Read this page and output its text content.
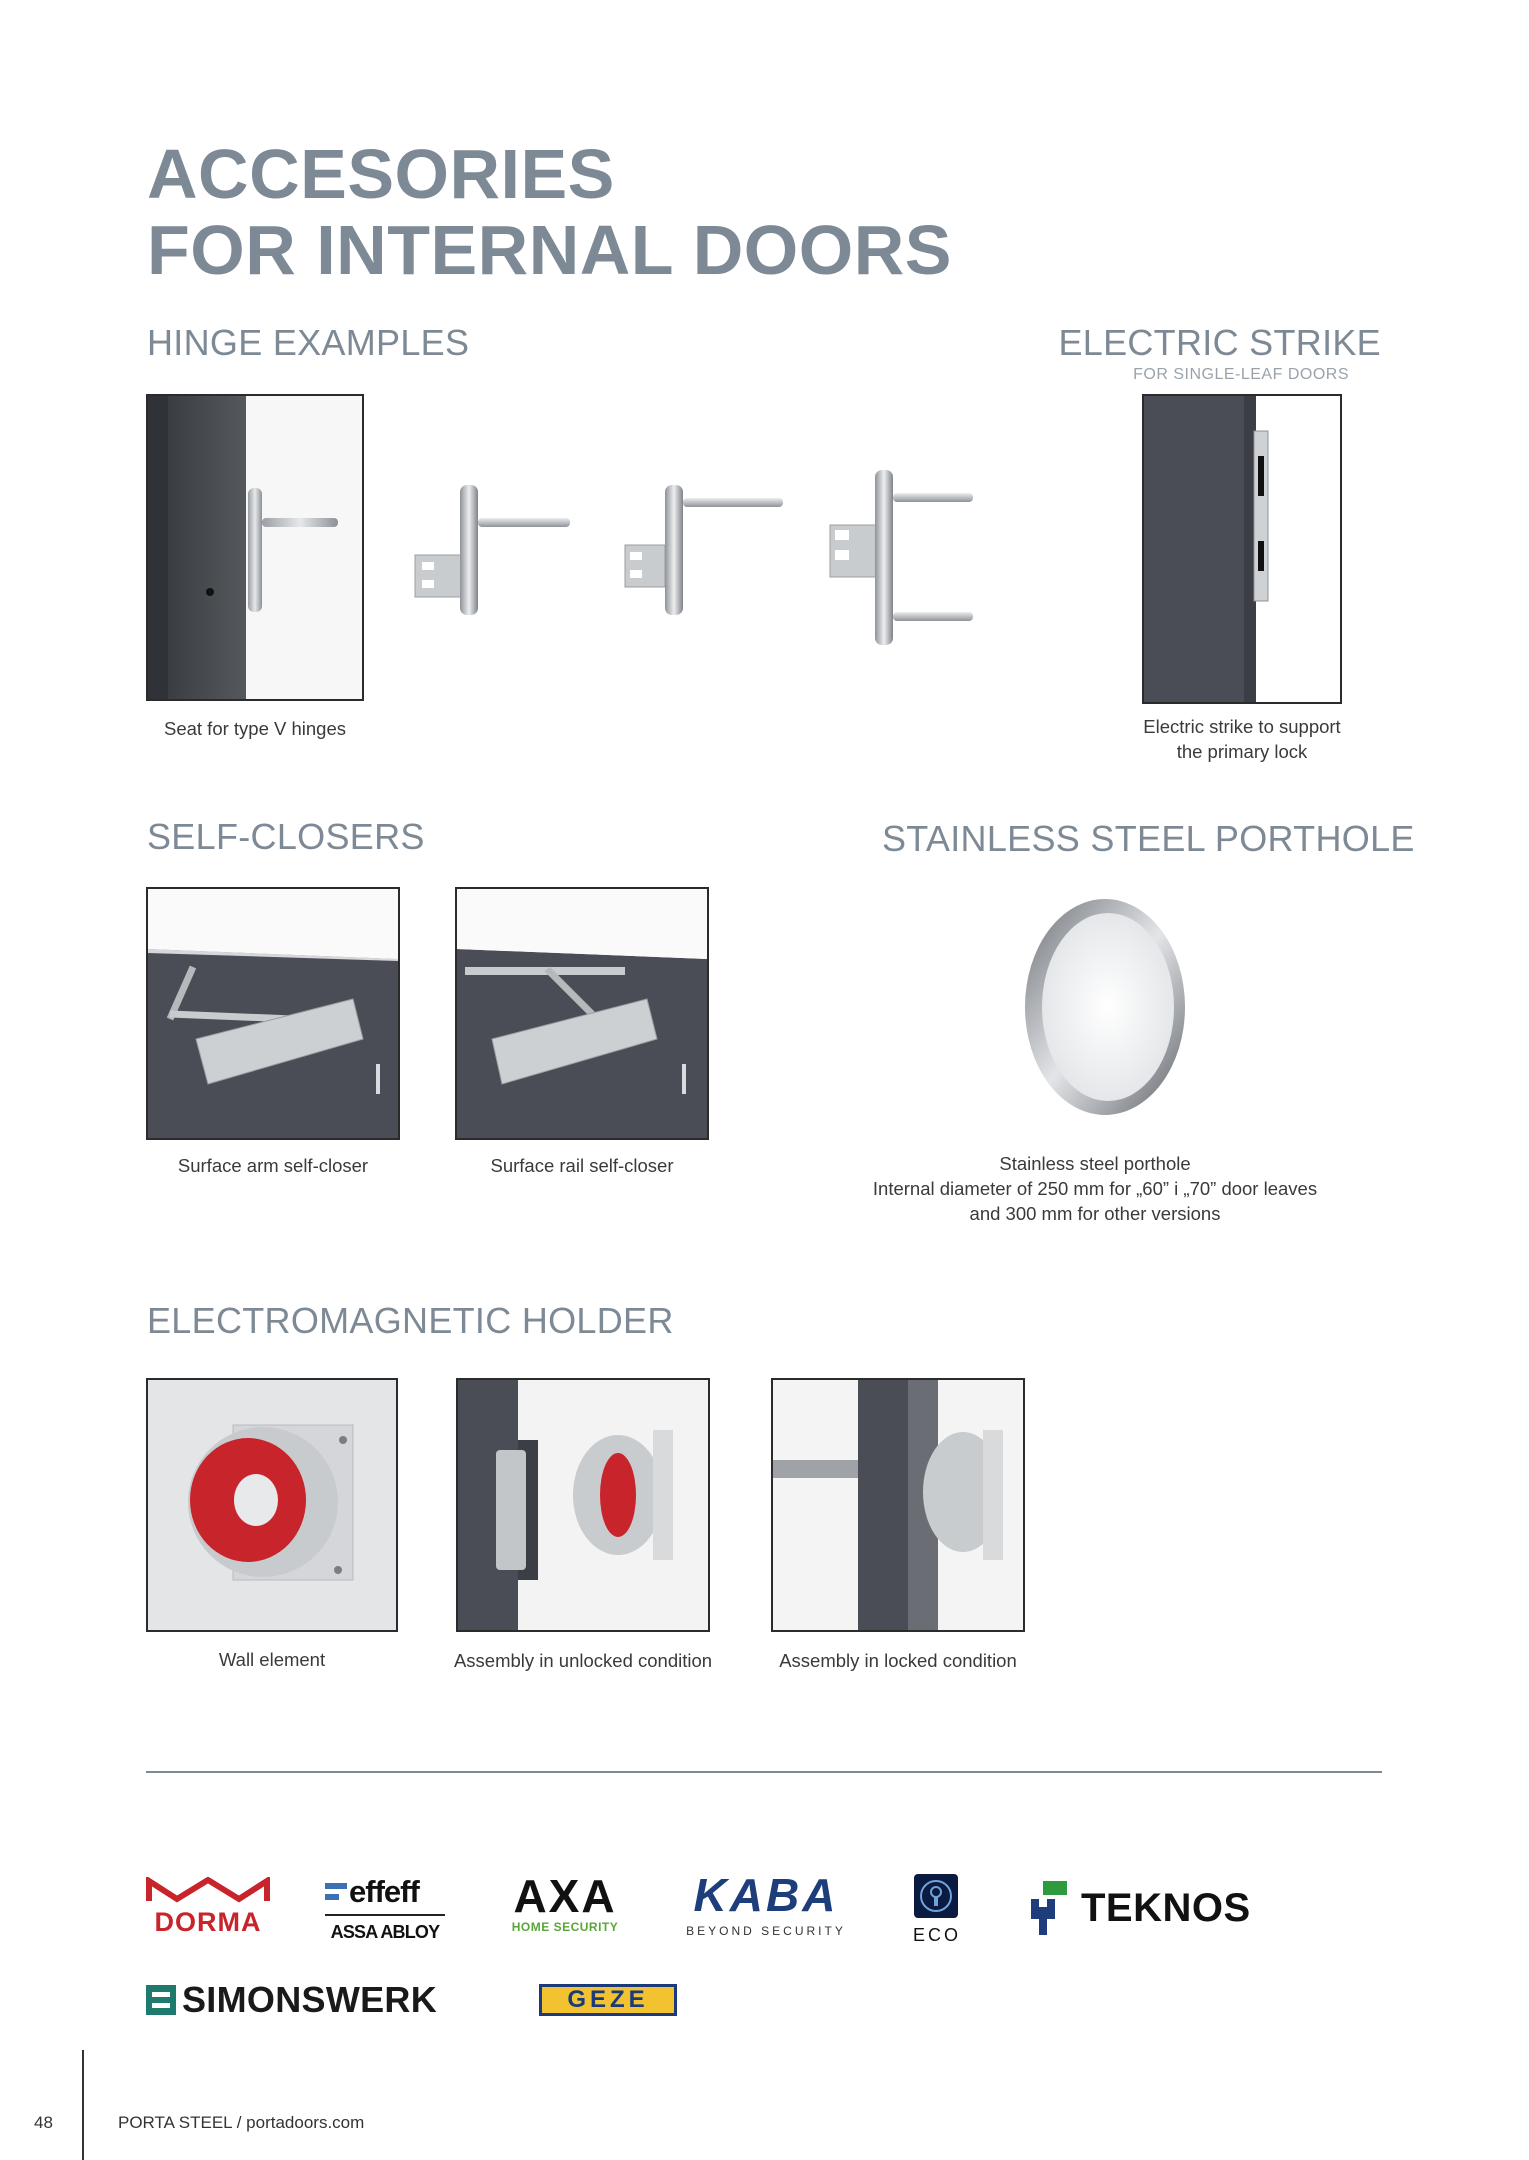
ACCESORIES
FOR INTERNAL DOORS
HINGE EXAMPLES
Seat for type V hinges
ELECTRIC STRIKE
FOR SINGLE-LEAF DOORS
Electric strike to support
the primary lock
SELF-CLOSERS
Surface arm self-closer	Surface rail self-closer
STAINLESS STEEL PORTHOLE
Stainless steel porthole
Internal diameter of 250 mm for „60” i „70” door leaves
and 300 mm for other versions
ELECTROMAGNETIC HOLDER
Wall element	Assembly in unlocked condition	Assembly in locked condition
DORMA
effeff
ASSA ABLOY
AXA
HOME SECURITY
KABA
BEYOND SECURITY	ECO
TEKNOS
SIMONSWERK	GEZE
48	PORTA STEEL / portadoors.com
